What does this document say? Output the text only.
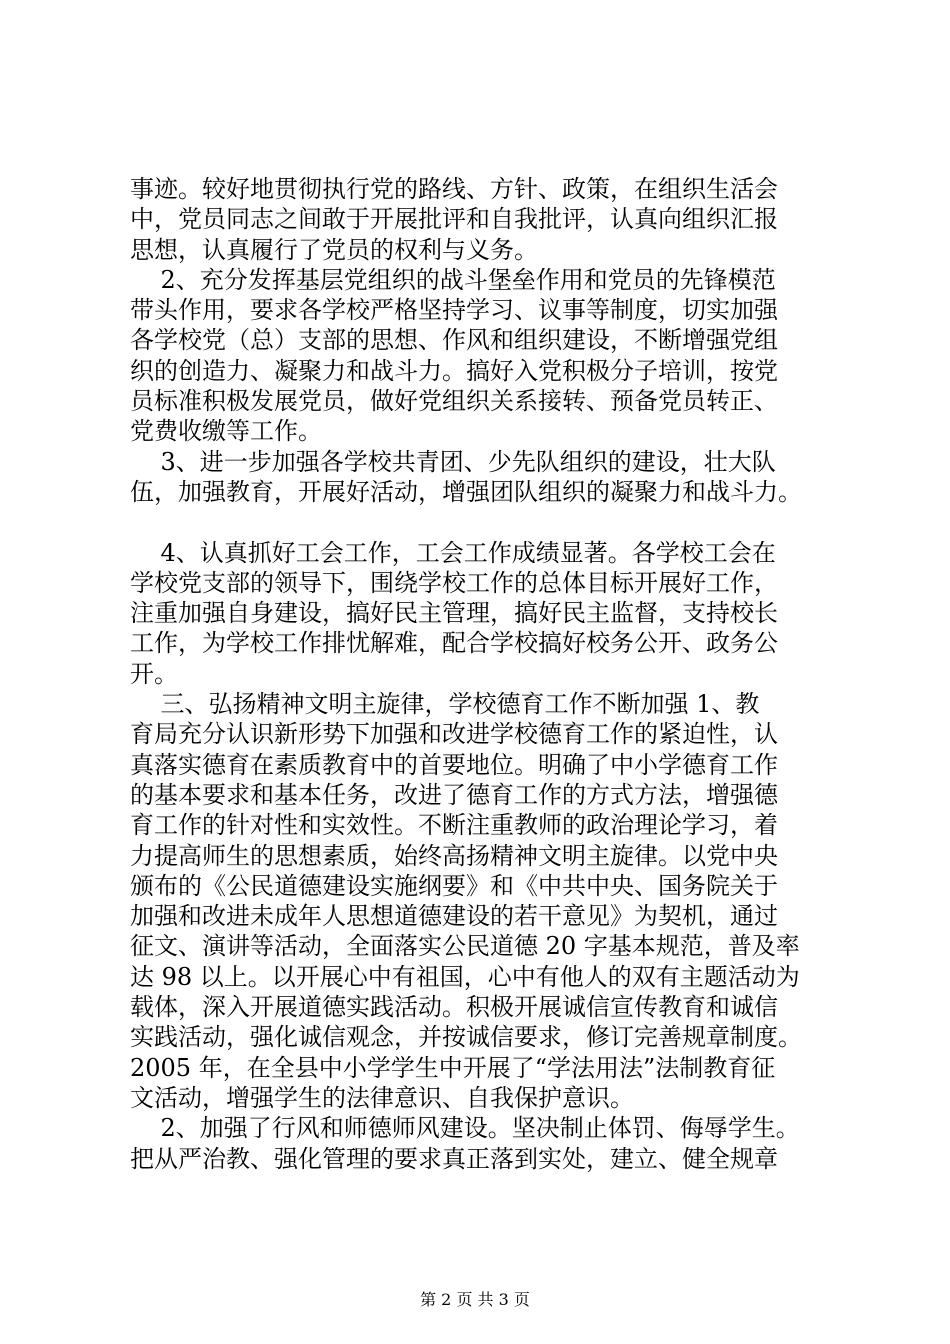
事迹。较好地贯彻执行党的路线、方针、政策，在组织生活会
中，党员同志之间敢于开展批评和自我批评，认真向组织汇报
思想，认真履行了党员的权利与义务。
2、充分发挥基层党组织的战斗堡垒作用和党员的先锋模范
带头作用，要求各学校严格坚持学习、议事等制度，切实加强
各学校党（总）支部的思想、作风和组织建设，不断增强党组
织的创造力、凝聚力和战斗力。搞好入党积极分子培训，按党
员标准积极发展党员，做好党组织关系接转、预备党员转正、
党费收缴等工作。
3、进一步加强各学校共青团、少先队组织的建设，壮大队
伍，加强教育，开展好活动，增强团队组织的凝聚力和战斗力。
4、认真抓好工会工作，工会工作成绩显著。各学校工会在
学校党支部的领导下，围绕学校工作的总体目标开展好工作，
注重加强自身建设，搞好民主管理，搞好民主监督，支持校长
工作，为学校工作排忧解难，配合学校搞好校务公开、政务公
开。
三、弘扬精神文明主旋律，学校德育工作不断加强 1、教
育局充分认识新形势下加强和改进学校德育工作的紧迫性，认
真落实德育在素质教育中的首要地位。明确了中小学德育工作
的基本要求和基本任务，改进了德育工作的方式方法，增强德
育工作的针对性和实效性。不断注重教师的政治理论学习，着
力提高师生的思想素质，始终高扬精神文明主旋律。以党中央
颁布的《公民道德建设实施纲要》和《中共中央、国务院关于
加强和改进未成年人思想道德建设的若干意见》为契机，通过
征文、演讲等活动，全面落实公民道德 20 字基本规范，普及率
达 98 以上。以开展心中有祖国，心中有他人的双有主题活动为
载体，深入开展道德实践活动。积极开展诚信宣传教育和诚信
实践活动，强化诚信观念，并按诚信要求，修订完善规章制度。
2005 年，在全县中小学学生中开展了“学法用法”法制教育征
文活动，增强学生的法律意识、自我保护意识。
2、加强了行风和师德师风建设。坚决制止体罚、侮辱学生。
把从严治教、强化管理的要求真正落到实处，建立、健全规章
第 2 页 共 3 页
